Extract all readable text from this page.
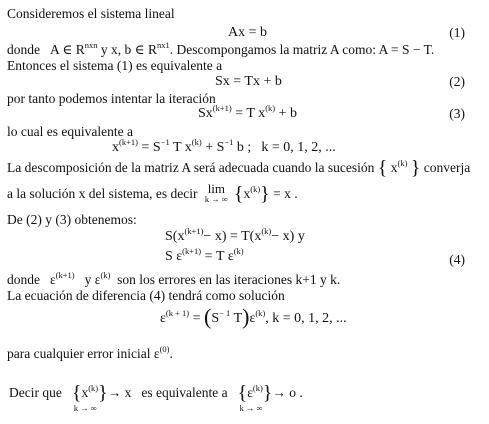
Consideremos el sistema lineal
Ax = b	(1)
donde A ∈ $R^{nxn}$ y x, b ∈ $R^{nx1}$. Descompongamos la matriz A como: A = S − T.
Entonces el sistema (1) es equivalente a
Sx = Tx + b	(2)
por tanto podemos intentar la iteración
$Sx^{(k+1)} = T$ $x^{(k)} + b$	(3)
lo cual es equivalente a
$x^{(k+1)} = S^{-1}$ T $x^{(k)} + S^{-1}$ b ; k = 0, 1, 2, ...
La descomposición de la matriz A será adecuada cuando la sucesión { $x^{(k)}$ } converja
a la solución x del sistema, es decir lim
k → ∞ $\{x^{(k)}\} = x$ .
De (2) y (3) obtenemos:
$S(x^{(k+1)}- x) = T(x^{(k)}- x)$ y
S $\varepsilon^{(k+1)} = T$ $\varepsilon^{(k)}$
(4)
donde $\varepsilon^{(k+1)}$ y $\varepsilon^{(k)}$ son los errores en las iteraciones k+1 y k.
La ecuación de diferencia (4) tendrá como solución
$\varepsilon^{(k + 1)} = (S^{- 1}$ $T)\varepsilon^{(k)}$, k = 0, 1, 2, ...
para cualquier error inicial $\varepsilon^{(0)}$.
Decir que $\{x^{(k)}\}$
k → ∞
→ x es equivalente a $\{\varepsilon^{(k)}\}$
k → ∞
→ o .
